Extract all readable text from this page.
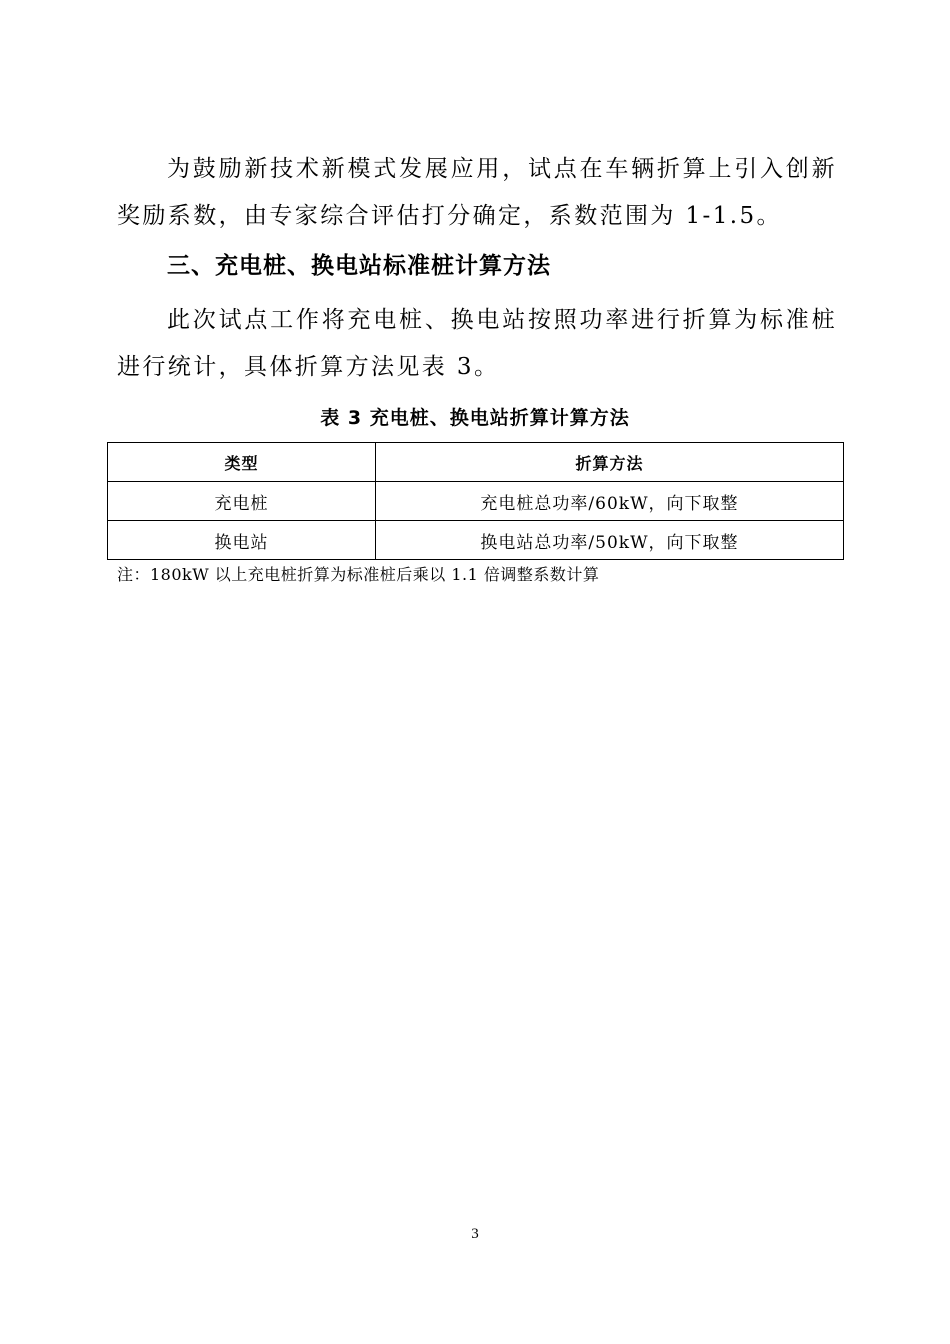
为鼓励新技术新模式发展应用，试点在车辆折算上引入创新奖励系数，由专家综合评估打分确定，系数范围为 1-1.5。

三、充电桩、换电站标准桩计算方法

此次试点工作将充电桩、换电站按照功率进行折算为标准桩进行统计，具体折算方法见表 3。

表 3 充电桩、换电站折算计算方法
类型	折算方法
充电桩	充电桩总功率/60kW，向下取整
换电站	换电站总功率/50kW，向下取整
注：180kW 以上充电桩折算为标准桩后乘以 1.1 倍调整系数计算
3
